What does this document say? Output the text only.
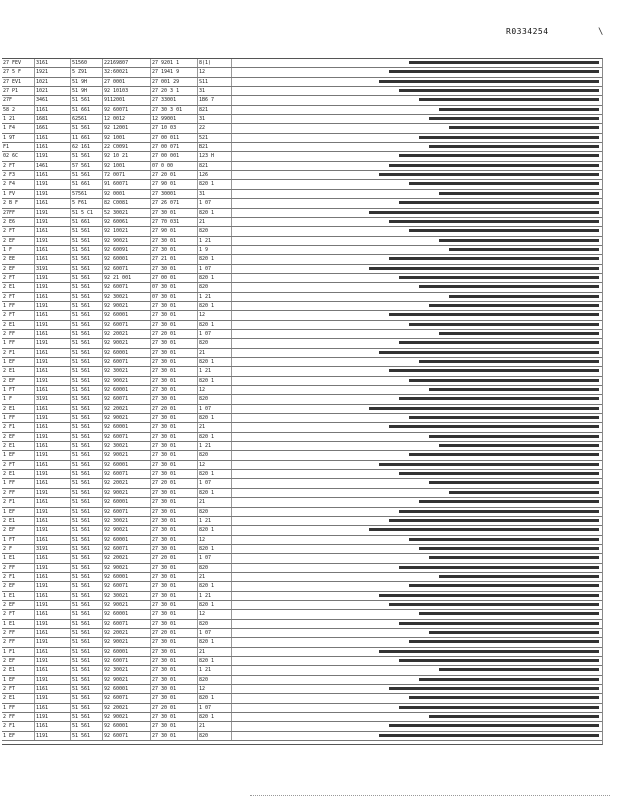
R0334254	\
27 FEV	3161	51560	22169807	27 9201 1	8(1)
27 5 F	1921	5 Z91	32:60021	27 1941 9	12
27 EV1	1021	51 9H	27 0001	27 001 29	S11
27 P1	1021	51 9H	92 10103	27 20 3 1	31
27F	3461	51 561	9112001	27 33001	1B6 7
58 2	1161	51 661	92 60071	27 30 3 01	821
1 21	1681	62561	12 0012	12 99001	31
1 F4	1661	51 561	92 12001	27 10 03	22
1 9T	1161	11 661	92 1001	27 00 011	521
F1	1161	62 161	22 C0091	27 00 071	B21
02 6C	1191	51 561	92 10 21	27 00 001	123 H
2 FT	1461	57 561	92 1001	07 0 00	821
2 F3	1161	51 561	72 0071	27 20 01	126
2 F4	1191	51 661	91 60071	27 90 01	820 1
1 FV	1191	57561	92 0001	27 30001	31
2 B F	1161	5 F61	82 C0081	27 26 071	1 07
27FF	1191	51 5 C1	52 30021	27 30 01	820 1
2 E6	1191	51 661	92 60061	27 70 031	21
2 FT	1161	51 561	92 10021	27 90 01	820
2 EF	1191	51 561	92 90021	27 30 01	1 21
1 F	1161	51 561	92 60091	27 30 01	1 9
2 EE	1161	51 561	92 60001	27 21 01	820 1
2 EF	3191	51 561	92 60071	27 30 01	1 07
2 FT	1191	51 561	92 21 001	27 00 01	820 1
2 E1	1191	51 561	92 60071	07 30 01	820
2 FT	1161	51 561	92 30021	07 30 01	1 21
1 FF	1191	51 561	92 90021	27 30 01	820 1
2 FT	1161	51 561	92 60001	27 30 01	12
2 E1	1191	51 561	92 60071	27 30 01	820 1
2 FF	1161	51 561	92 20021	27 20 01	1 07
1 FF	1191	51 561	92 90021	27 30 01	820
2 F1	1161	51 561	92 60001	27 30 01	21
1 EF	1191	51 561	92 60071	27 30 01	820 1
2 E1	1161	51 561	92 30021	27 30 01	1 21
2 EF	1191	51 561	92 90021	27 30 01	820 1
1 FT	1161	51 561	92 60001	27 30 01	12
1 F	3191	51 561	92 60071	27 30 01	820
2 E1	1161	51 561	92 20021	27 20 01	1 07
1 FF	1191	51 561	92 90021	27 30 01	820 1
2 F1	1161	51 561	92 60001	27 30 01	21
2 EF	1191	51 561	92 60071	27 30 01	820 1
2 E1	1161	51 561	92 30021	27 30 01	1 21
1 EF	1191	51 561	92 90021	27 30 01	820
2 FT	1161	51 561	92 60001	27 30 01	12
2 E1	1191	51 561	92 60071	27 30 01	820 1
1 FF	1161	51 561	92 20021	27 20 01	1 07
2 FF	1191	51 561	92 90021	27 30 01	820 1
2 F1	1161	51 561	92 60001	27 30 01	21
1 EF	1191	51 561	92 60071	27 30 01	820
2 E1	1161	51 561	92 30021	27 30 01	1 21
2 EF	1191	51 561	92 90021	27 30 01	820 1
1 FT	1161	51 561	92 60001	27 30 01	12
2 F	3191	51 561	92 60071	27 30 01	820 1
1 E1	1161	51 561	92 20021	27 20 01	1 07
2 FF	1191	51 561	92 90021	27 30 01	820
2 F1	1161	51 561	92 60001	27 30 01	21
2 EF	1191	51 561	92 60071	27 30 01	820 1
1 E1	1161	51 561	92 30021	27 30 01	1 21
2 EF	1191	51 561	92 90021	27 30 01	820 1
2 FT	1161	51 561	92 60001	27 30 01	12
1 E1	1191	51 561	92 60071	27 30 01	820
2 FF	1161	51 561	92 20021	27 20 01	1 07
2 FF	1191	51 561	92 90021	27 30 01	820 1
1 F1	1161	51 561	92 60001	27 30 01	21
2 EF	1191	51 561	92 60071	27 30 01	820 1
2 E1	1161	51 561	92 30021	27 30 01	1 21
1 EF	1191	51 561	92 90021	27 30 01	820
2 FT	1161	51 561	92 60001	27 30 01	12
2 E1	1191	51 561	92 60071	27 30 01	820 1
1 FF	1161	51 561	92 20021	27 20 01	1 07
2 FF	1191	51 561	92 90021	27 30 01	820 1
2 F1	1161	51 561	92 60001	27 30 01	21
1 EF	1191	51 561	92 60071	27 30 01	820
